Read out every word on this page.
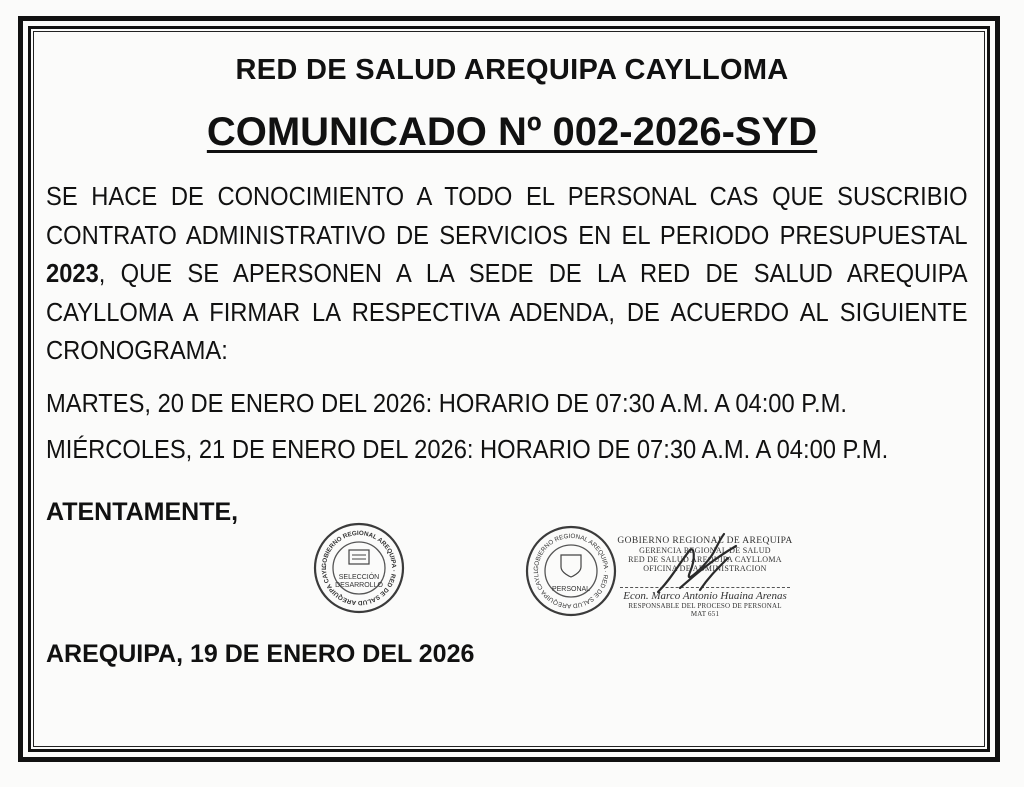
RED DE SALUD AREQUIPA CAYLLOMA
COMUNICADO Nº 002-2026-SYD
SE HACE DE CONOCIMIENTO A TODO EL PERSONAL CAS QUE SUSCRIBIO CONTRATO ADMINISTRATIVO DE SERVICIOS EN EL PERIODO PRESUPUESTAL 2023, QUE SE APERSONEN A LA SEDE DE LA RED DE SALUD AREQUIPA CAYLLOMA A FIRMAR LA RESPECTIVA ADENDA, DE ACUERDO AL SIGUIENTE CRONOGRAMA:
MARTES, 20 DE ENERO DEL 2026: HORARIO DE 07:30 A.M. A 04:00 P.M.
MIÉRCOLES, 21 DE ENERO DEL 2026: HORARIO DE 07:30 A.M. A 04:00 P.M.
ATENTAMENTE,
GOBIERNO REGIONAL AREQUIPA · RED DE SALUD AREQUIPA CAYL
SELECCIÓN
DESARROLLO
GOBIERNO REGIONAL AREQUIPA · RED DE SALUD AREQUIPA CAYLL
PERSONAL
GOBIERNO REGIONAL DE AREQUIPA
GERENCIA REGIONAL DE SALUD
RED DE SALUD AREQUIPA CAYLLOMA
OFICINA DE ADMINISTRACION
Econ. Marco Antonio Huaina Arenas
RESPONSABLE DEL PROCESO DE PERSONAL
MAT 651
AREQUIPA, 19 DE ENERO DEL 2026
